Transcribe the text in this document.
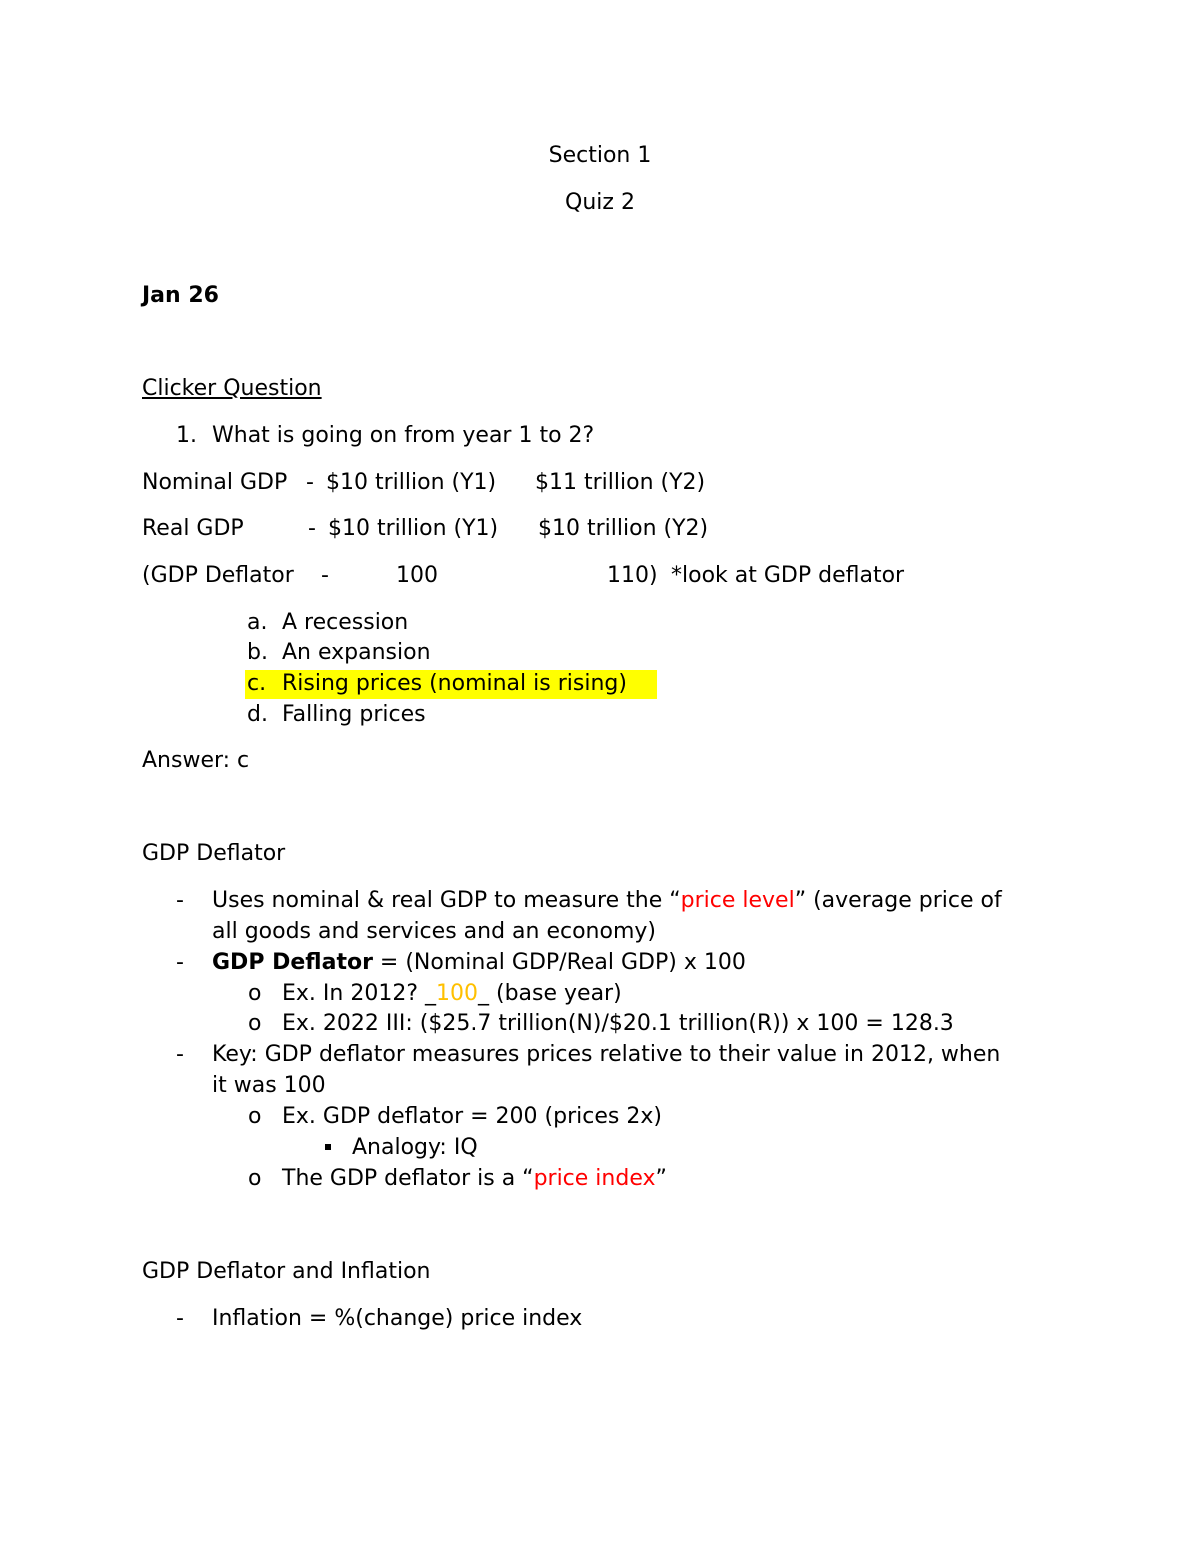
Section 1
Quiz 2
Jan 26
Clicker Question
1. What is going on from year 1 to 2?
Nominal GDP - $10 trillion (Y1) $11 trillion (Y2)
Real GDP	- $10 trillion (Y1) $10 trillion (Y2)
(GDP Deflator -	100	110) *look at GDP deflator
a. A recession
b. An expansion
c. Rising prices (nominal is rising)
d. Falling prices
Answer: c
GDP Deflator
- Uses nominal & real GDP to measure the “price level” (average price of
all goods and services and an economy)
- GDP Deflator = (Nominal GDP/Real GDP) x 100
o Ex. In 2012? _100_ (base year)
o Ex. 2022 III: ($25.7 trillion(N)/$20.1 trillion(R)) x 100 = 128.3
- Key: GDP deflator measures prices relative to their value in 2012, when
it was 100
o Ex. GDP deflator = 200 (prices 2x)
Analogy: IQ
o The GDP deflator is a “price index”
GDP Deflator and Inflation
- Inflation = %(change) price index
